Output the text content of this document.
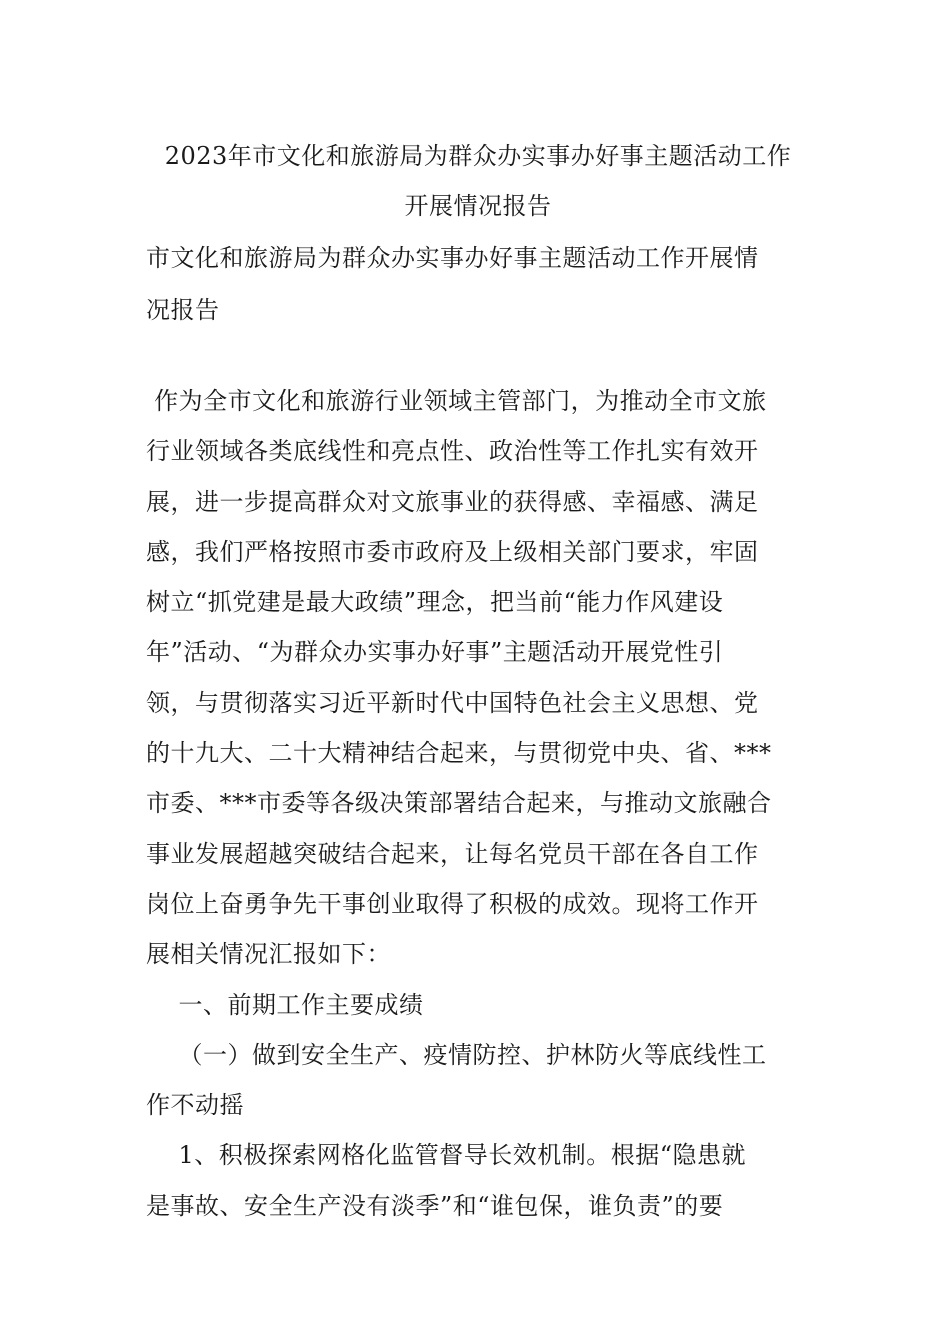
2023年市文化和旅游局为群众办实事办好事主题活动工作
开展情况报告
市文化和旅游局为群众办实事办好事主题活动工作开展情
况报告
作为全市文化和旅游行业领域主管部门，为推动全市文旅
行业领域各类底线性和亮点性、政治性等工作扎实有效开
展，进一步提高群众对文旅事业的获得感、幸福感、满足
感，我们严格按照市委市政府及上级相关部门要求，牢固
树立“抓党建是最大政绩”理念，把当前“能力作风建设
年”活动、“为群众办实事办好事”主题活动开展党性引
领，与贯彻落实习近平新时代中国特色社会主义思想、党
的十九大、二十大精神结合起来，与贯彻党中央、省、***
市委、***市委等各级决策部署结合起来，与推动文旅融合
事业发展超越突破结合起来，让每名党员干部在各自工作
岗位上奋勇争先干事创业取得了积极的成效。现将工作开
展相关情况汇报如下：
一、前期工作主要成绩
（一）做到安全生产、疫情防控、护林防火等底线性工
作不动摇
1、积极探索网格化监管督导长效机制。根据“隐患就
是事故、安全生产没有淡季”和“谁包保，谁负责”的要
